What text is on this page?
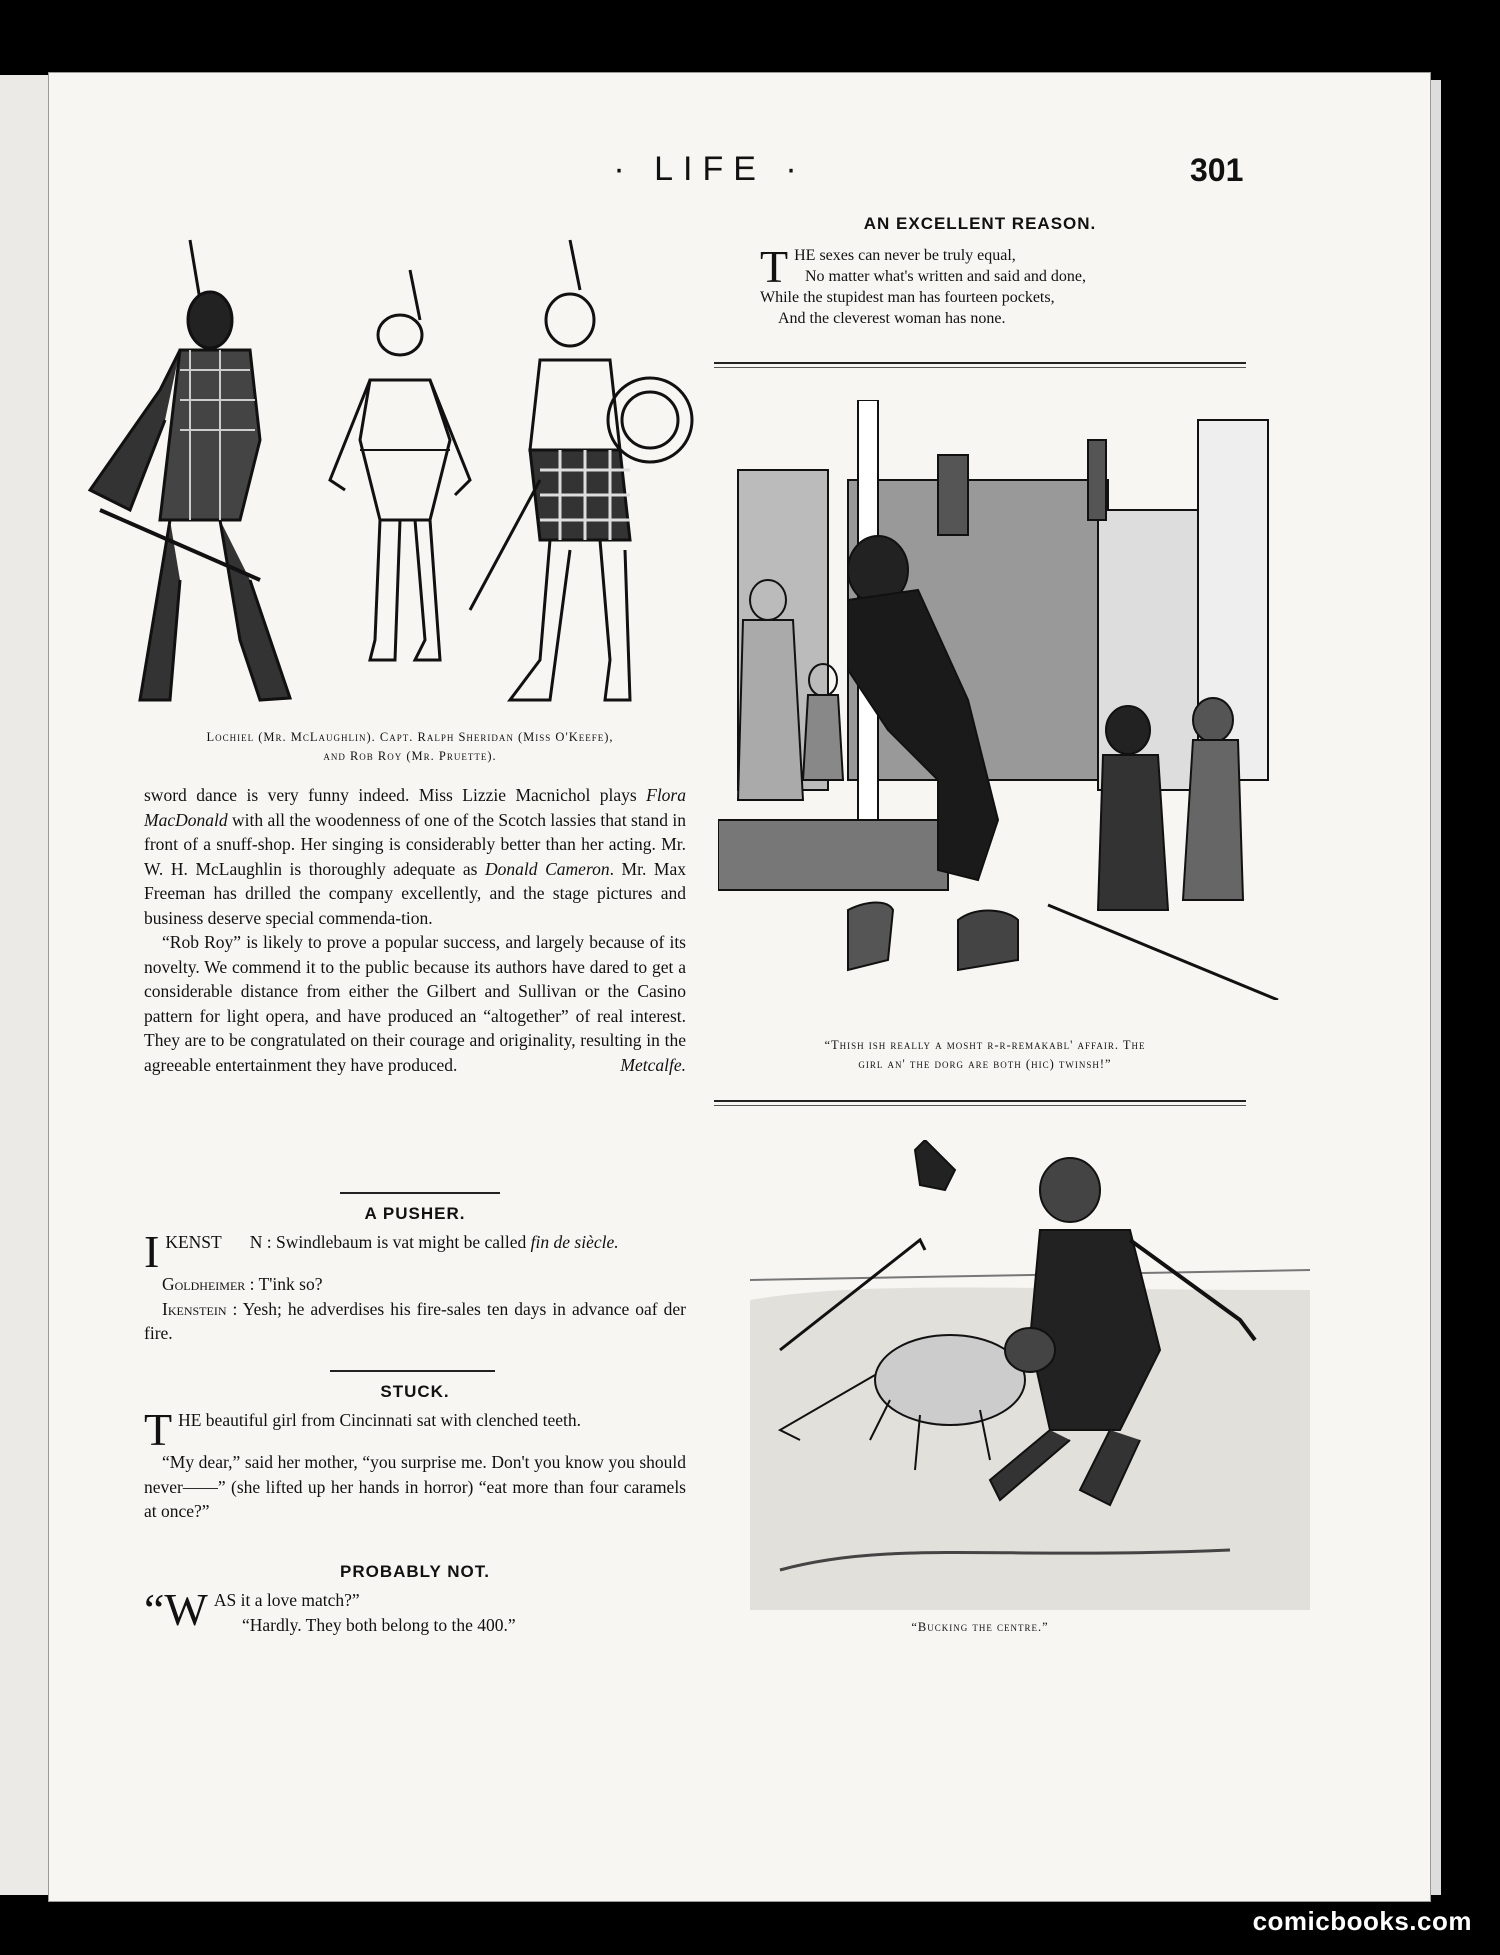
· LIFE ·	301
Lochiel (Mr. McLaughlin). Capt. Ralph Sheridan (Miss O'Keefe),
and Rob Roy (Mr. Pruette).

sword dance is very funny indeed. Miss Lizzie Macnichol plays Flora MacDonald with all the woodenness of one of the Scotch lassies that stand in front of a snuff-shop. Her singing is considerably better than her acting. Mr. W. H. McLaughlin is thoroughly adequate as Donald Cameron. Mr. Max Freeman has drilled the company excellently, and the stage pictures and business deserve special commenda-tion.

“Rob Roy” is likely to prove a popular success, and largely because of its novelty. We commend it to the public because its authors have dared to get a considerable distance from either the Gilbert and Sullivan or the Casino pattern for light opera, and have produced an “altogether” of real interest. They are to be congratulated on their courage and originality, resulting in the agreeable entertainment they have produced.	Metcalfe.

A PUSHER.

IKENST N : Swindlebaum is vat might be called fin de siècle.

Goldheimer : T'ink so?

Ikenstein : Yesh; he adverdises his fire-sales ten days in advance oaf der fire.

STUCK.

THE beautiful girl from Cincinnati sat with clenched teeth.

“My dear,” said her mother, “you surprise me. Don't you know you should never——” (she lifted up her hands in horror) “eat more than four caramels at once?”

PROBABLY NOT.

“WAS it a love match?”

“Hardly. They both belong to the 400.”

AN EXCELLENT REASON.
T HE sexes can never be truly equal,
No matter what's written and said and done,
While the stupidest man has fourteen pockets,
And the cleverest woman has none.
“Thish ish really a mosht r-r-remakabl' affair. The
girl an' the dorg are both (hic) twinsh!”
“Bucking the centre.”
comicbooks.com
